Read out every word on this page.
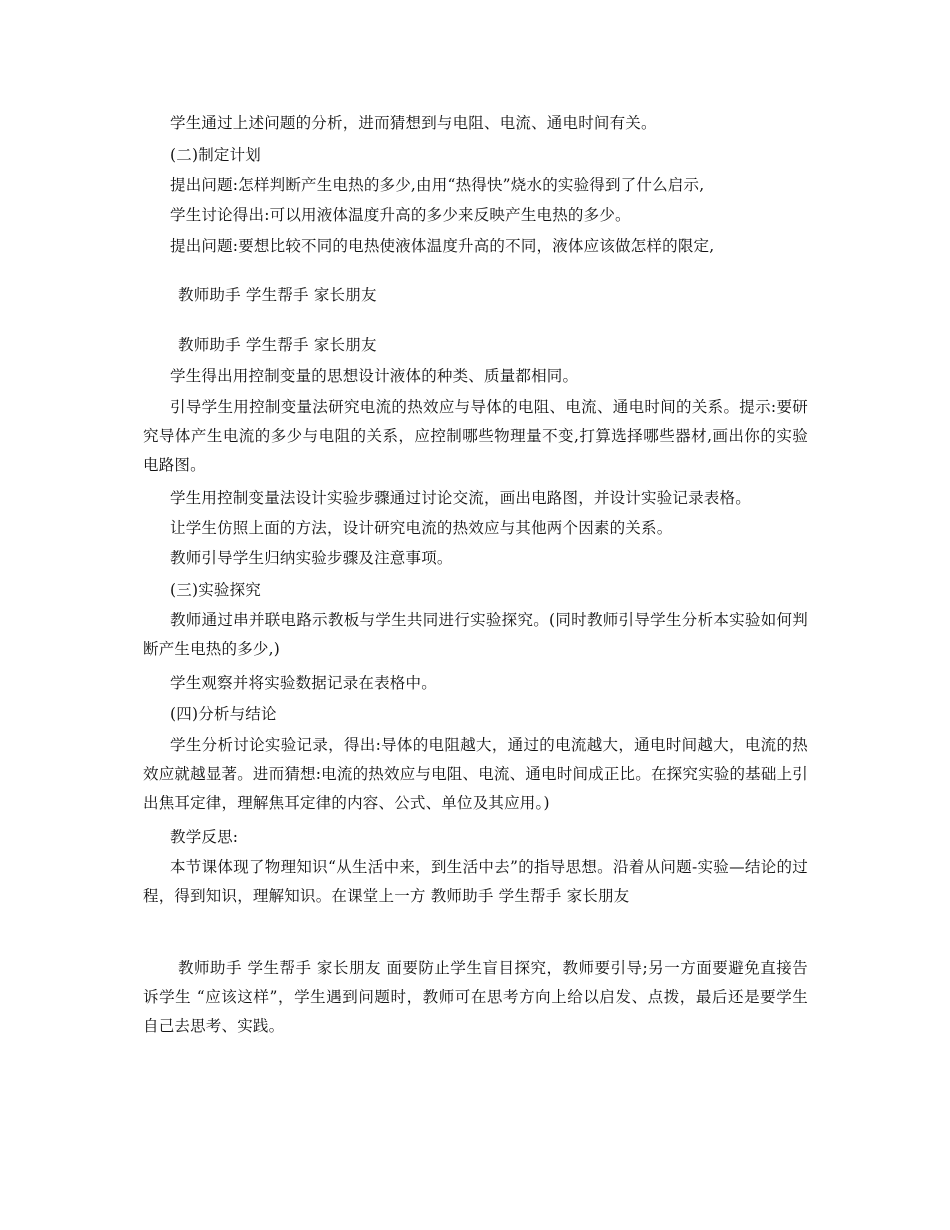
学生通过上述问题的分析，进而猜想到与电阻、电流、通电时间有关。
(二)制定计划
提出问题:怎样判断产生电热的多少,由用“热得快”烧水的实验得到了什么启示,
学生讨论得出:可以用液体温度升高的多少来反映产生电热的多少。
提出问题:要想比较不同的电热使液体温度升高的不同，液体应该做怎样的限定,
教师助手 学生帮手 家长朋友
教师助手 学生帮手 家长朋友
学生得出用控制变量的思想设计液体的种类、质量都相同。
引导学生用控制变量法研究电流的热效应与导体的电阻、电流、通电时间的关系。提示:要研究导体产生电流的多少与电阻的关系，应控制哪些物理量不变,打算选择哪些器材,画出你的实验电路图。
学生用控制变量法设计实验步骤通过讨论交流，画出电路图，并设计实验记录表格。
让学生仿照上面的方法，设计研究电流的热效应与其他两个因素的关系。
教师引导学生归纳实验步骤及注意事项。
(三)实验探究
教师通过串并联电路示教板与学生共同进行实验探究。(同时教师引导学生分析本实验如何判断产生电热的多少,)
学生观察并将实验数据记录在表格中。
(四)分析与结论
学生分析讨论实验记录，得出:导体的电阻越大，通过的电流越大，通电时间越大，电流的热效应就越显著。进而猜想:电流的热效应与电阻、电流、通电时间成正比。在探究实验的基础上引出焦耳定律，理解焦耳定律的内容、公式、单位及其应用。)
教学反思:
本节课体现了物理知识“从生活中来，到生活中去”的指导思想。沿着从问题-实验—结论的过程，得到知识，理解知识。在课堂上一方 教师助手 学生帮手 家长朋友
教师助手 学生帮手 家长朋友 面要防止学生盲目探究，教师要引导;另一方面要避免直接告诉学生 “应该这样”，学生遇到问题时，教师可在思考方向上给以启发、点拨，最后还是要学生自己去思考、实践。
